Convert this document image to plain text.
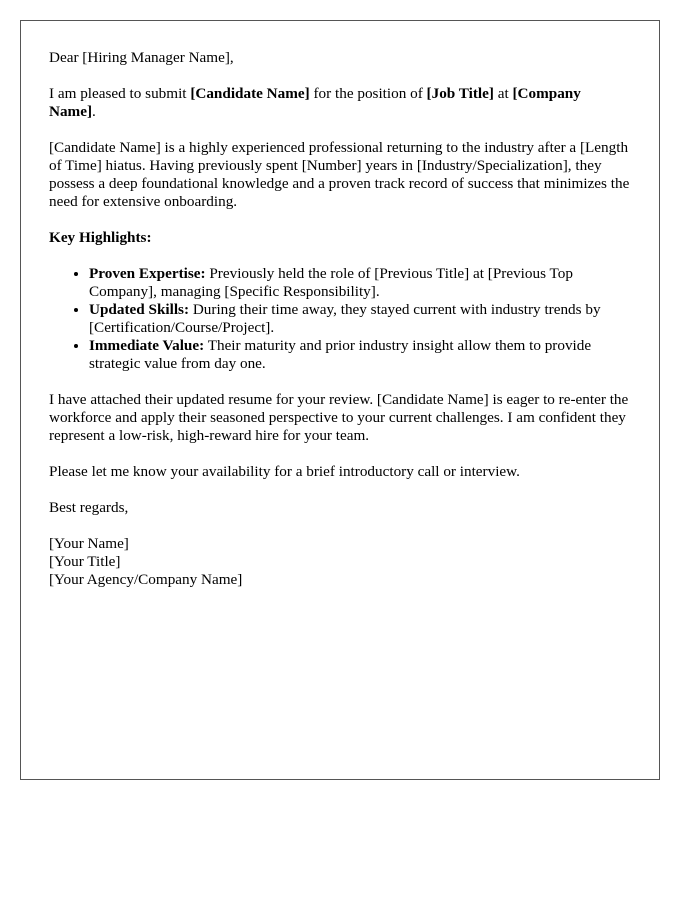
Dear [Hiring Manager Name],

I am pleased to submit [Candidate Name] for the position of [Job Title] at [Company Name].

[Candidate Name] is a highly experienced professional returning to the industry after a [Length of Time] hiatus. Having previously spent [Number] years in [Industry/Specialization], they possess a deep foundational knowledge and a proven track record of success that minimizes the need for extensive onboarding.

Key Highlights:

• Proven Expertise: Previously held the role of [Previous Title] at [Previous Top Company], managing [Specific Responsibility].
• Updated Skills: During their time away, they stayed current with industry trends by [Certification/Course/Project].
• Immediate Value: Their maturity and prior industry insight allow them to provide strategic value from day one.

I have attached their updated resume for your review. [Candidate Name] is eager to re-enter the workforce and apply their seasoned perspective to your current challenges. I am confident they represent a low-risk, high-reward hire for your team.

Please let me know your availability for a brief introductory call or interview.

Best regards,

[Your Name]
[Your Title]
[Your Agency/Company Name]
